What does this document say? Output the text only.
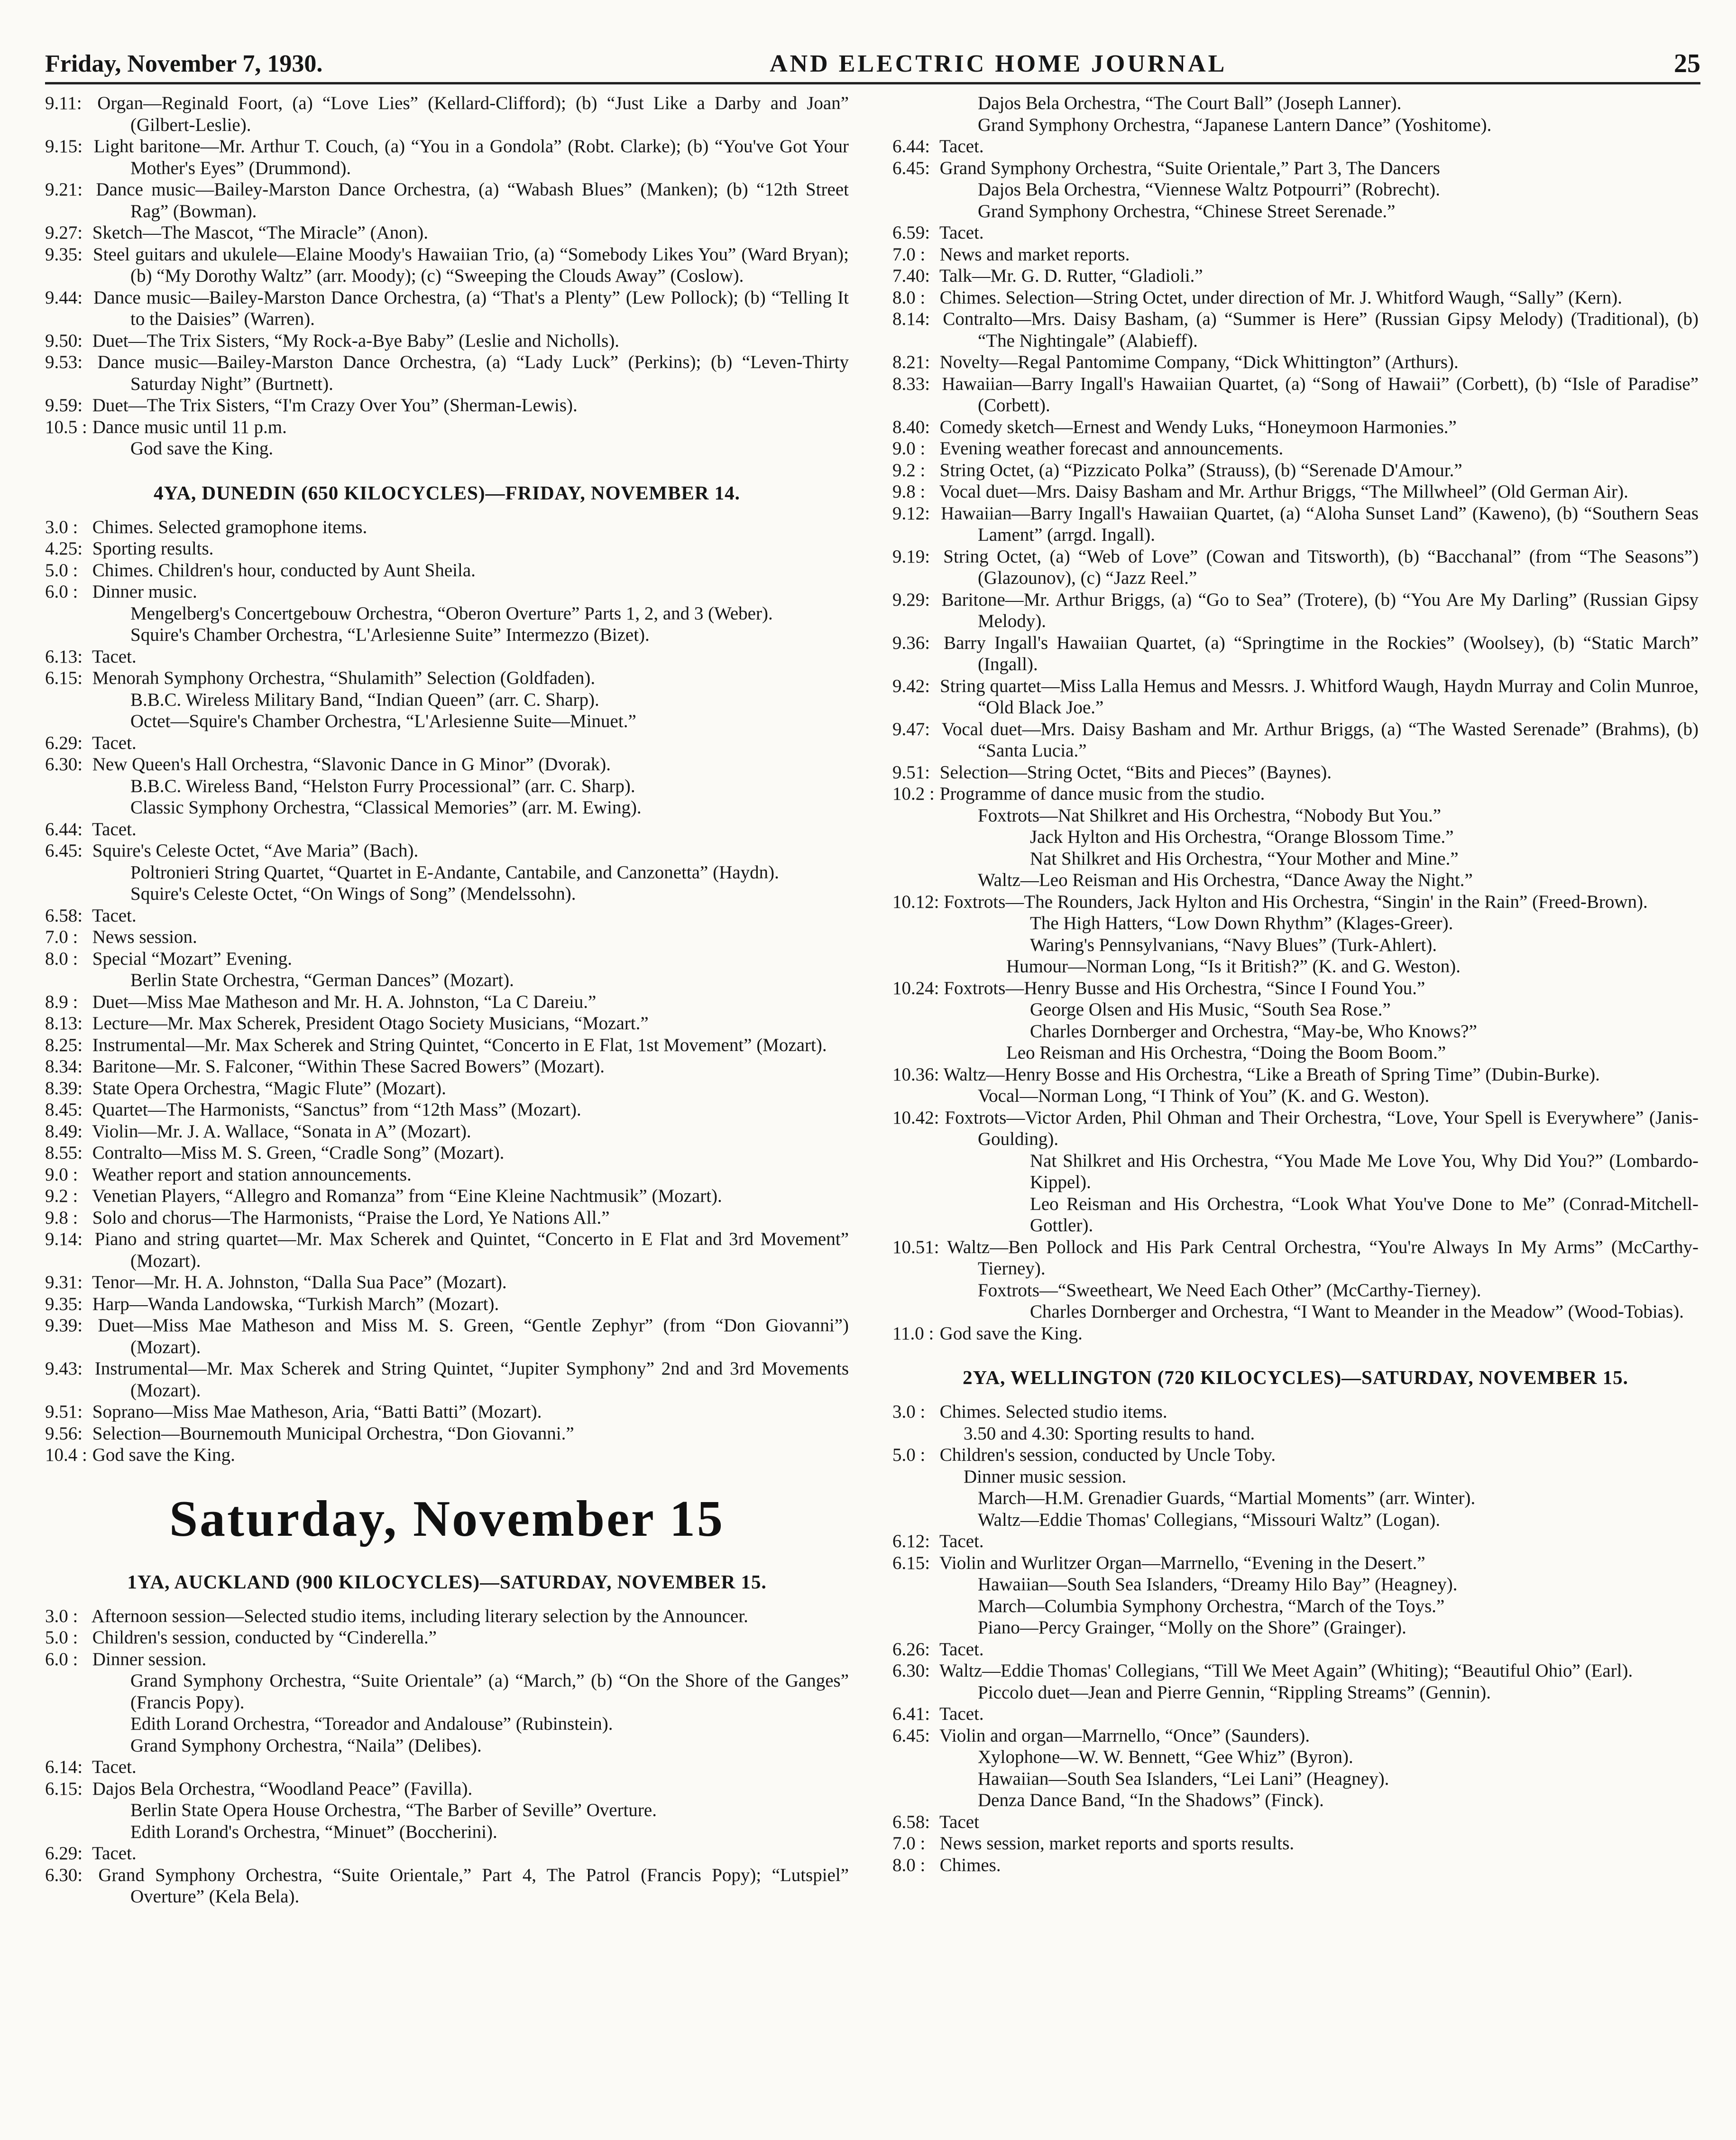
Friday, November 7, 1930.	AND ELECTRIC HOME JOURNAL	25
9.11: Organ—Reginald Foort, (a) “Love Lies” (Kellard-Clifford); (b) “Just Like a Darby and Joan” (Gilbert-Leslie).
9.15: Light baritone—Mr. Arthur T. Couch, (a) “You in a Gondola” (Robt. Clarke); (b) “You've Got Your Mother's Eyes” (Drummond).
9.21: Dance music—Bailey-Marston Dance Orchestra, (a) “Wabash Blues” (Manken); (b) “12th Street Rag” (Bowman).
9.27: Sketch—The Mascot, “The Miracle” (Anon).
9.35: Steel guitars and ukulele—Elaine Moody's Hawaiian Trio, (a) “Somebody Likes You” (Ward Bryan); (b) “My Dorothy Waltz” (arr. Moody); (c) “Sweeping the Clouds Away” (Coslow).
9.44: Dance music—Bailey-Marston Dance Orchestra, (a) “That's a Plenty” (Lew Pollock); (b) “Telling It to the Daisies” (Warren).
9.50: Duet—The Trix Sisters, “My Rock-a-Bye Baby” (Leslie and Nicholls).
9.53: Dance music—Bailey-Marston Dance Orchestra, (a) “Lady Luck” (Perkins); (b) “Leven-Thirty Saturday Night” (Burtnett).
9.59: Duet—The Trix Sisters, “I'm Crazy Over You” (Sherman-Lewis).
10.5 : Dance music until 11 p.m.
God save the King.
4YA, DUNEDIN (650 KILOCYCLES)—FRIDAY, NOVEMBER 14.
3.0 : Chimes. Selected gramophone items.
4.25: Sporting results.
5.0 : Chimes. Children's hour, conducted by Aunt Sheila.
6.0 : Dinner music.
Mengelberg's Concertgebouw Orchestra, “Oberon Overture” Parts 1, 2, and 3 (Weber).
Squire's Chamber Orchestra, “L'Arlesienne Suite” Intermezzo (Bizet).
6.13: Tacet.
6.15: Menorah Symphony Orchestra, “Shulamith” Selection (Goldfaden).
B.B.C. Wireless Military Band, “Indian Queen” (arr. C. Sharp).
Octet—Squire's Chamber Orchestra, “L'Arlesienne Suite—Minuet.”
6.29: Tacet.
6.30: New Queen's Hall Orchestra, “Slavonic Dance in G Minor” (Dvorak).
B.B.C. Wireless Band, “Helston Furry Processional” (arr. C. Sharp).
Classic Symphony Orchestra, “Classical Memories” (arr. M. Ewing).
6.44: Tacet.
6.45: Squire's Celeste Octet, “Ave Maria” (Bach).
Poltronieri String Quartet, “Quartet in E-Andante, Cantabile, and Canzonetta” (Haydn).
Squire's Celeste Octet, “On Wings of Song” (Mendelssohn).
6.58: Tacet.
7.0 : News session.
8.0 : Special “Mozart” Evening.
Berlin State Orchestra, “German Dances” (Mozart).
8.9 : Duet—Miss Mae Matheson and Mr. H. A. Johnston, “La C Dareiu.”
8.13: Lecture—Mr. Max Scherek, President Otago Society Musicians, “Mozart.”
8.25: Instrumental—Mr. Max Scherek and String Quintet, “Concerto in E Flat, 1st Movement” (Mozart).
8.34: Baritone—Mr. S. Falconer, “Within These Sacred Bowers” (Mozart).
8.39: State Opera Orchestra, “Magic Flute” (Mozart).
8.45: Quartet—The Harmonists, “Sanctus” from “12th Mass” (Mozart).
8.49: Violin—Mr. J. A. Wallace, “Sonata in A” (Mozart).
8.55: Contralto—Miss M. S. Green, “Cradle Song” (Mozart).
9.0 : Weather report and station announcements.
9.2 : Venetian Players, “Allegro and Romanza” from “Eine Kleine Nachtmusik” (Mozart).
9.8 : Solo and chorus—The Harmonists, “Praise the Lord, Ye Nations All.”
9.14: Piano and string quartet—Mr. Max Scherek and Quintet, “Concerto in E Flat and 3rd Movement” (Mozart).
9.31: Tenor—Mr. H. A. Johnston, “Dalla Sua Pace” (Mozart).
9.35: Harp—Wanda Landowska, “Turkish March” (Mozart).
9.39: Duet—Miss Mae Matheson and Miss M. S. Green, “Gentle Zephyr” (from “Don Giovanni”) (Mozart).
9.43: Instrumental—Mr. Max Scherek and String Quintet, “Jupiter Symphony” 2nd and 3rd Movements (Mozart).
9.51: Soprano—Miss Mae Matheson, Aria, “Batti Batti” (Mozart).
9.56: Selection—Bournemouth Municipal Orchestra, “Don Giovanni.”
10.4 : God save the King.
Saturday, November 15
1YA, AUCKLAND (900 KILOCYCLES)—SATURDAY, NOVEMBER 15.
3.0 : Afternoon session—Selected studio items, including literary selection by the Announcer.
5.0 : Children's session, conducted by “Cinderella.”
6.0 : Dinner session.
Grand Symphony Orchestra, “Suite Orientale” (a) “March,” (b) “On the Shore of the Ganges” (Francis Popy).
Edith Lorand Orchestra, “Toreador and Andalouse” (Rubinstein).
Grand Symphony Orchestra, “Naila” (Delibes).
6.14: Tacet.
6.15: Dajos Bela Orchestra, “Woodland Peace” (Favilla).
Berlin State Opera House Orchestra, “The Barber of Seville” Overture.
Edith Lorand's Orchestra, “Minuet” (Boccherini).
6.29: Tacet.
6.30: Grand Symphony Orchestra, “Suite Orientale,” Part 4, The Patrol (Francis Popy); “Lutspiel” Overture” (Kela Bela).
Dajos Bela Orchestra, “The Court Ball” (Joseph Lanner).
Grand Symphony Orchestra, “Japanese Lantern Dance” (Yoshitome).
6.44: Tacet.
6.45: Grand Symphony Orchestra, “Suite Orientale,” Part 3, The Dancers
Dajos Bela Orchestra, “Viennese Waltz Potpourri” (Robrecht).
Grand Symphony Orchestra, “Chinese Street Serenade.”
6.59: Tacet.
7.0 : News and market reports.
7.40: Talk—Mr. G. D. Rutter, “Gladioli.”
8.0 : Chimes. Selection—String Octet, under direction of Mr. J. Whitford Waugh, “Sally” (Kern).
8.14: Contralto—Mrs. Daisy Basham, (a) “Summer is Here” (Russian Gipsy Melody) (Traditional), (b) “The Nightingale” (Alabieff).
8.21: Novelty—Regal Pantomime Company, “Dick Whittington” (Arthurs).
8.33: Hawaiian—Barry Ingall's Hawaiian Quartet, (a) “Song of Hawaii” (Corbett), (b) “Isle of Paradise” (Corbett).
8.40: Comedy sketch—Ernest and Wendy Luks, “Honeymoon Harmonies.”
9.0 : Evening weather forecast and announcements.
9.2 : String Octet, (a) “Pizzicato Polka” (Strauss), (b) “Serenade D'Amour.”
9.8 : Vocal duet—Mrs. Daisy Basham and Mr. Arthur Briggs, “The Millwheel” (Old German Air).
9.12: Hawaiian—Barry Ingall's Hawaiian Quartet, (a) “Aloha Sunset Land” (Kaweno), (b) “Southern Seas Lament” (arrgd. Ingall).
9.19: String Octet, (a) “Web of Love” (Cowan and Titsworth), (b) “Bacchanal” (from “The Seasons”) (Glazounov), (c) “Jazz Reel.”
9.29: Baritone—Mr. Arthur Briggs, (a) “Go to Sea” (Trotere), (b) “You Are My Darling” (Russian Gipsy Melody).
9.36: Barry Ingall's Hawaiian Quartet, (a) “Springtime in the Rockies” (Woolsey), (b) “Static March” (Ingall).
9.42: String quartet—Miss Lalla Hemus and Messrs. J. Whitford Waugh, Haydn Murray and Colin Munroe, “Old Black Joe.”
9.47: Vocal duet—Mrs. Daisy Basham and Mr. Arthur Briggs, (a) “The Wasted Serenade” (Brahms), (b) “Santa Lucia.”
9.51: Selection—String Octet, “Bits and Pieces” (Baynes).
10.2 : Programme of dance music from the studio.
Foxtrots—Nat Shilkret and His Orchestra, “Nobody But You.”
Jack Hylton and His Orchestra, “Orange Blossom Time.”
Nat Shilkret and His Orchestra, “Your Mother and Mine.”
Waltz—Leo Reisman and His Orchestra, “Dance Away the Night.”
10.12: Foxtrots—The Rounders, Jack Hylton and His Orchestra, “Singin' in the Rain” (Freed-Brown).
The High Hatters, “Low Down Rhythm” (Klages-Greer).
Waring's Pennsylvanians, “Navy Blues” (Turk-Ahlert).
Humour—Norman Long, “Is it British?” (K. and G. Weston).
10.24: Foxtrots—Henry Busse and His Orchestra, “Since I Found You.”
George Olsen and His Music, “South Sea Rose.”
Charles Dornberger and Orchestra, “May-be, Who Knows?”
Leo Reisman and His Orchestra, “Doing the Boom Boom.”
10.36: Waltz—Henry Bosse and His Orchestra, “Like a Breath of Spring Time” (Dubin-Burke).
Vocal—Norman Long, “I Think of You” (K. and G. Weston).
10.42: Foxtrots—Victor Arden, Phil Ohman and Their Orchestra, “Love, Your Spell is Everywhere” (Janis-Goulding).
Nat Shilkret and His Orchestra, “You Made Me Love You, Why Did You?” (Lombardo-Kippel).
Leo Reisman and His Orchestra, “Look What You've Done to Me” (Conrad-Mitchell-Gottler).
10.51: Waltz—Ben Pollock and His Park Central Orchestra, “You're Always In My Arms” (McCarthy-Tierney).
Foxtrots—“Sweetheart, We Need Each Other” (McCarthy-Tierney).
Charles Dornberger and Orchestra, “I Want to Meander in the Meadow” (Wood-Tobias).
11.0 : God save the King.
2YA, WELLINGTON (720 KILOCYCLES)—SATURDAY, NOVEMBER 15.
3.0 : Chimes. Selected studio items.
3.50 and 4.30: Sporting results to hand.
5.0 : Children's session, conducted by Uncle Toby.
Dinner music session.
March—H.M. Grenadier Guards, “Martial Moments” (arr. Winter).
Waltz—Eddie Thomas' Collegians, “Missouri Waltz” (Logan).
6.12: Tacet.
6.15: Violin and Wurlitzer Organ—Marrnello, “Evening in the Desert.”
Hawaiian—South Sea Islanders, “Dreamy Hilo Bay” (Heagney).
March—Columbia Symphony Orchestra, “March of the Toys.”
Piano—Percy Grainger, “Molly on the Shore” (Grainger).
6.26: Tacet.
6.30: Waltz—Eddie Thomas' Collegians, “Till We Meet Again” (Whiting); “Beautiful Ohio” (Earl).
Piccolo duet—Jean and Pierre Gennin, “Rippling Streams” (Gennin).
6.41: Tacet.
6.45: Violin and organ—Marrnello, “Once” (Saunders).
Xylophone—W. W. Bennett, “Gee Whiz” (Byron).
Hawaiian—South Sea Islanders, “Lei Lani” (Heagney).
Denza Dance Band, “In the Shadows” (Finck).
6.58: Tacet
7.0 : News session, market reports and sports results.
8.0 : Chimes.
